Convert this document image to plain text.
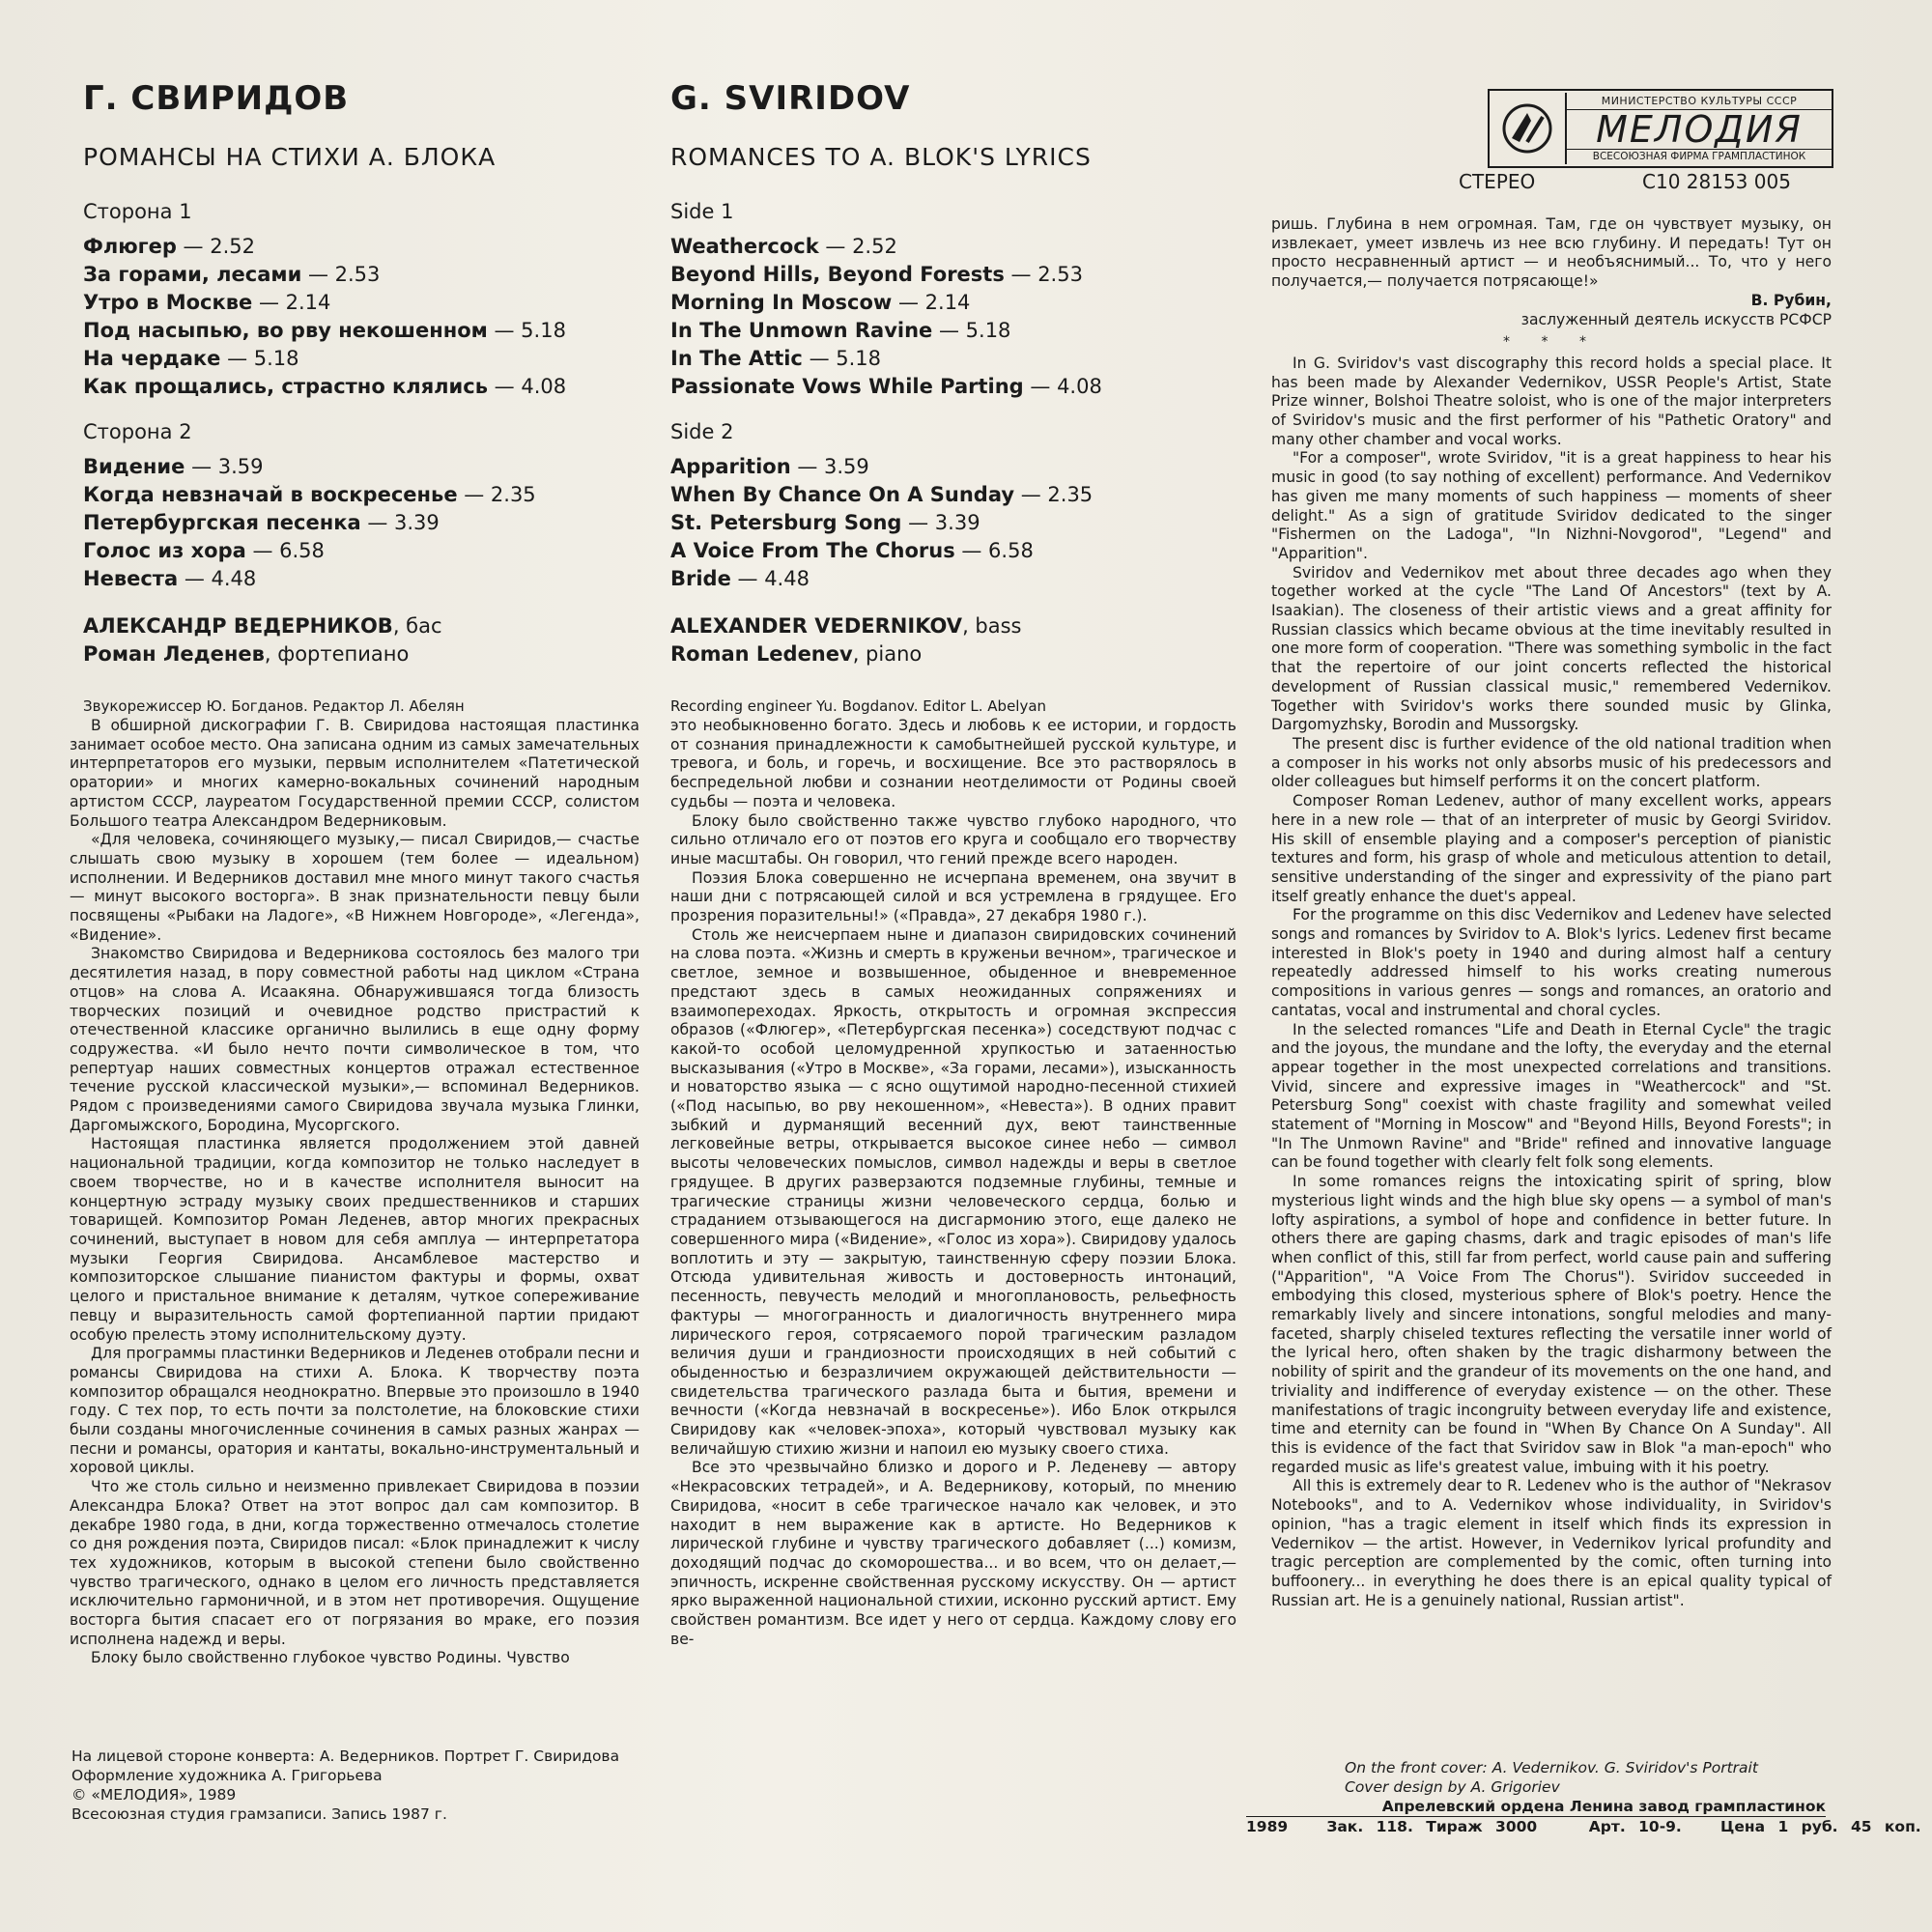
Г. СВИРИДОВ
РОМАНСЫ НА СТИХИ А. БЛОКА
Сторона 1
Флюгер — 2.52
За горами, лесами — 2.53
Утро в Москве — 2.14
Под насыпью, во рву некошенном — 5.18
На чердаке — 5.18
Как прощались, страстно клялись — 4.08
Сторона 2
Видение — 3.59
Когда невзначай в воскресенье — 2.35
Петербургская песенка — 3.39
Голос из хора — 6.58
Невеста — 4.48
АЛЕКСАНДР ВЕДЕРНИКОВ, бас
Роман Леденев, фортепиано
Звукорежиссер Ю. Богданов. Редактор Л. Абелян
G. SVIRIDOV
ROMANCES TO A. BLOK'S LYRICS
Side 1
Weathercock — 2.52
Beyond Hills, Beyond Forests — 2.53
Morning In Moscow — 2.14
In The Unmown Ravine — 5.18
In The Attic — 5.18
Passionate Vows While Parting — 4.08
Side 2
Apparition — 3.59
When By Chance On A Sunday — 2.35
St. Petersburg Song — 3.39
A Voice From The Chorus — 6.58
Bride — 4.48
ALEXANDER VEDERNIKOV, bass
Roman Ledenev, piano
Recording engineer Yu. Bogdanov. Editor L. Abelyan
МИНИСТЕРСТВО КУЛЬТУРЫ СССР
МЕЛОДИЯ
ВСЕСОЮЗНАЯ ФИРМА ГРАМПЛАСТИНОК
СТЕРЕО	С10 28153 005

В обширной дискографии Г. В. Свиридова настоящая пластинка занимает особое место. Она записана одним из самых замечательных интерпретаторов его музыки, первым исполнителем «Патетической оратории» и многих камерно-вокальных сочинений народным артистом СССР, лауреатом Государственной премии СССР, солистом Большого театра Александром Ведерниковым.

«Для человека, сочиняющего музыку,— писал Свиридов,— счастье слышать свою музыку в хорошем (тем более — идеальном) исполнении. И Ведерников доставил мне много минут такого счастья — минут высокого восторга». В знак признательности певцу были посвящены «Рыбаки на Ладоге», «В Нижнем Новгороде», «Легенда», «Видение».

Знакомство Свиридова и Ведерникова состоялось без малого три десятилетия назад, в пору совместной работы над циклом «Страна отцов» на слова А. Исаакяна. Обнаружившаяся тогда близость творческих позиций и очевидное родство пристрастий к отечественной классике органично вылились в еще одну форму содружества. «И было нечто почти символическое в том, что репертуар наших совместных концертов отражал естественное течение русской классической музыки»,— вспоминал Ведерников. Рядом с произведениями самого Свиридова звучала музыка Глинки, Даргомыжского, Бородина, Мусоргского.

Настоящая пластинка является продолжением этой давней национальной традиции, когда композитор не только наследует в своем творчестве, но и в качестве исполнителя выносит на концертную эстраду музыку своих предшественников и старших товарищей. Композитор Роман Леденев, автор многих прекрасных сочинений, выступает в новом для себя амплуа — интерпретатора музыки Георгия Свиридова. Ансамблевое мастерство и композиторское слышание пианистом фактуры и формы, охват целого и пристальное внимание к деталям, чуткое сопереживание певцу и выразительность самой фортепианной партии придают особую прелесть этому исполнительскому дуэту.

Для программы пластинки Ведерников и Леденев отобрали песни и романсы Свиридова на стихи А. Блока. К творчеству поэта композитор обращался неоднократно. Впервые это произошло в 1940 году. С тех пор, то есть почти за полстолетие, на блоковские стихи были созданы многочисленные сочинения в самых разных жанрах — песни и романсы, оратория и кантаты, вокально-инструментальный и хоровой циклы.

Что же столь сильно и неизменно привлекает Свиридова в поэзии Александра Блока? Ответ на этот вопрос дал сам композитор. В декабре 1980 года, в дни, когда торжественно отмечалось столетие со дня рождения поэта, Свиридов писал: «Блок принадлежит к числу тех художников, которым в высокой степени было свойственно чувство трагического, однако в целом его личность представляется исключительно гармоничной, и в этом нет противоречия. Ощущение восторга бытия спасает его от погрязания во мраке, его поэзия исполнена надежд и веры.

Блоку было свойственно глубокое чувство Родины. Чувство

это необыкновенно богато. Здесь и любовь к ее истории, и гордость от сознания принадлежности к самобытнейшей русской культуре, и тревога, и боль, и горечь, и восхищение. Все это растворялось в беспредельной любви и сознании неотделимости от Родины своей судьбы — поэта и человека.

Блоку было свойственно также чувство глубоко народного, что сильно отличало его от поэтов его круга и сообщало его творчеству иные масштабы. Он говорил, что гений прежде всего народен.

Поэзия Блока совершенно не исчерпана временем, она звучит в наши дни с потрясающей силой и вся устремлена в грядущее. Его прозрения поразительны!» («Правда», 27 декабря 1980 г.).

Столь же неисчерпаем ныне и диапазон свиридовских сочинений на слова поэта. «Жизнь и смерть в круженьи вечном», трагическое и светлое, земное и возвышенное, обыденное и вневременное предстают здесь в самых неожиданных сопряжениях и взаимопереходах. Яркость, открытость и огромная экспрессия образов («Флюгер», «Петербургская песенка») соседствуют подчас с какой-то особой целомудренной хрупкостью и затаенностью высказывания («Утро в Москве», «За горами, лесами»), изысканность и новаторство языка — с ясно ощутимой народно-песенной стихией («Под насыпью, во рву некошенном», «Невеста»). В одних правит зыбкий и дурманящий весенний дух, веют таинственные легковейные ветры, открывается высокое синее небо — символ высоты человеческих помыслов, символ надежды и веры в светлое грядущее. В других разверзаются подземные глубины, темные и трагические страницы жизни человеческого сердца, болью и страданием отзывающегося на дисгармонию этого, еще далеко не совершенного мира («Видение», «Голос из хора»). Свиридову удалось воплотить и эту — закрытую, таинственную сферу поэзии Блока. Отсюда удивительная живость и достоверность интонаций, песенность, певучесть мелодий и многоплановость, рельефность фактуры — многогранность и диалогичность внутреннего мира лирического героя, сотрясаемого порой трагическим разладом величия души и грандиозности происходящих в ней событий с обыденностью и безразличием окружающей действительности — свидетельства трагического разлада быта и бытия, времени и вечности («Когда невзначай в воскресенье»). Ибо Блок открылся Свиридову как «человек-эпоха», который чувствовал музыку как величайшую стихию жизни и напоил ею музыку своего стиха.

Все это чрезвычайно близко и дорого и Р. Леденеву — автору «Некрасовских тетрадей», и А. Ведерникову, который, по мнению Свиридова, «носит в себе трагическое начало как человек, и это находит в нем выражение как в артисте. Но Ведерников к лирической глубине и чувству трагического добавляет (...) комизм, доходящий подчас до скоморошества... и во всем, что он делает,— эпичность, искренне свойственная русскому искусству. Он — артист ярко выраженной национальной стихии, исконно русский артист. Ему свойствен романтизм. Все идет у него от сердца. Каждому слову его ве-

ришь. Глубина в нем огромная. Там, где он чувствует музыку, он извлекает, умеет извлечь из нее всю глубину. И передать! Тут он просто несравненный артист — и необъяснимый... То, что у него получается,— получается потрясающе!»

В. Рубин,
заслуженный деятель искусств РСФСР
* * *

In G. Sviridov's vast discography this record holds a special place. It has been made by Alexander Vedernikov, USSR People's Artist, State Prize winner, Bolshoi Theatre soloist, who is one of the major interpreters of Sviridov's music and the first performer of his "Pathetic Oratory" and many other chamber and vocal works.

"For a composer", wrote Sviridov, "it is a great happiness to hear his music in good (to say nothing of excellent) performance. And Vedernikov has given me many moments of such happiness — moments of sheer delight." As a sign of gratitude Sviridov dedicated to the singer "Fishermen on the Ladoga", "In Nizhni-Novgorod", "Legend" and "Apparition".

Sviridov and Vedernikov met about three decades ago when they together worked at the cycle "The Land Of Ancestors" (text by A. Isaakian). The closeness of their artistic views and a great affinity for Russian classics which became obvious at the time inevitably resulted in one more form of cooperation. "There was something symbolic in the fact that the repertoire of our joint concerts reflected the historical development of Russian classical music," remembered Vedernikov. Together with Sviridov's works there sounded music by Glinka, Dargomyzhsky, Borodin and Mussorgsky.

The present disc is further evidence of the old national tradition when a composer in his works not only absorbs music of his predecessors and older colleagues but himself performs it on the concert platform.

Composer Roman Ledenev, author of many excellent works, appears here in a new role — that of an interpreter of music by Georgi Sviridov. His skill of ensemble playing and a composer's perception of pianistic textures and form, his grasp of whole and meticulous attention to detail, sensitive understanding of the singer and expressivity of the piano part itself greatly enhance the duet's appeal.

For the programme on this disc Vedernikov and Ledenev have selected songs and romances by Sviridov to A. Blok's lyrics. Ledenev first became interested in Blok's poety in 1940 and during almost half a century repeatedly addressed himself to his works creating numerous compositions in various genres — songs and romances, an oratorio and cantatas, vocal and instrumental and choral cycles.

In the selected romances "Life and Death in Eternal Cycle" the tragic and the joyous, the mundane and the lofty, the everyday and the eternal appear together in the most unexpected correlations and transitions. Vivid, sincere and expressive images in "Weathercock" and "St. Petersburg Song" coexist with chaste fragility and somewhat veiled statement of "Morning in Moscow" and "Beyond Hills, Beyond Forests"; in "In The Unmown Ravine" and "Bride" refined and innovative language can be found together with clearly felt folk song elements.

In some romances reigns the intoxicating spirit of spring, blow mysterious light winds and the high blue sky opens — a symbol of man's lofty aspirations, a symbol of hope and confidence in better future. In others there are gaping chasms, dark and tragic episodes of man's life when conflict of this, still far from perfect, world cause pain and suffering ("Apparition", "A Voice From The Chorus"). Sviridov succeeded in embodying this closed, mysterious sphere of Blok's poetry. Hence the remarkably lively and sincere intonations, songful melodies and many-faceted, sharply chiseled textures reflecting the versatile inner world of the lyrical hero, often shaken by the tragic disharmony between the nobility of spirit and the grandeur of its movements on the one hand, and triviality and indifference of everyday existence — on the other. These manifestations of tragic incongruity between everyday life and existence, time and eternity can be found in "When By Chance On A Sunday". All this is evidence of the fact that Sviridov saw in Blok "a man-epoch" who regarded music as life's greatest value, imbuing with it his poetry.

All this is extremely dear to R. Ledenev who is the author of "Nekrasov Notebooks", and to A. Vedernikov whose individuality, in Sviridov's opinion, "has a tragic element in itself which finds its expression in Vedernikov — the artist. However, in Vedernikov lyrical profundity and tragic perception are complemented by the comic, often turning into buffoonery... in everything he does there is an epical quality typical of Russian art. He is a genuinely national, Russian artist".

На лицевой стороне конверта: А. Ведерников. Портрет Г. Свиридова
Оформление художника А. Григорьева
© «МЕЛОДИЯ», 1989
Всесоюзная студия грамзаписи. Запись 1987 г.
On the front cover: A. Vedernikov. G. Sviridov's Portrait
Cover design by A. Grigoriev
Апрелевский ордена Ленина завод грампластинок
1989   Зак. 118. Тираж 3000    Арт. 10-9.   Цена 1 руб. 45 коп.
